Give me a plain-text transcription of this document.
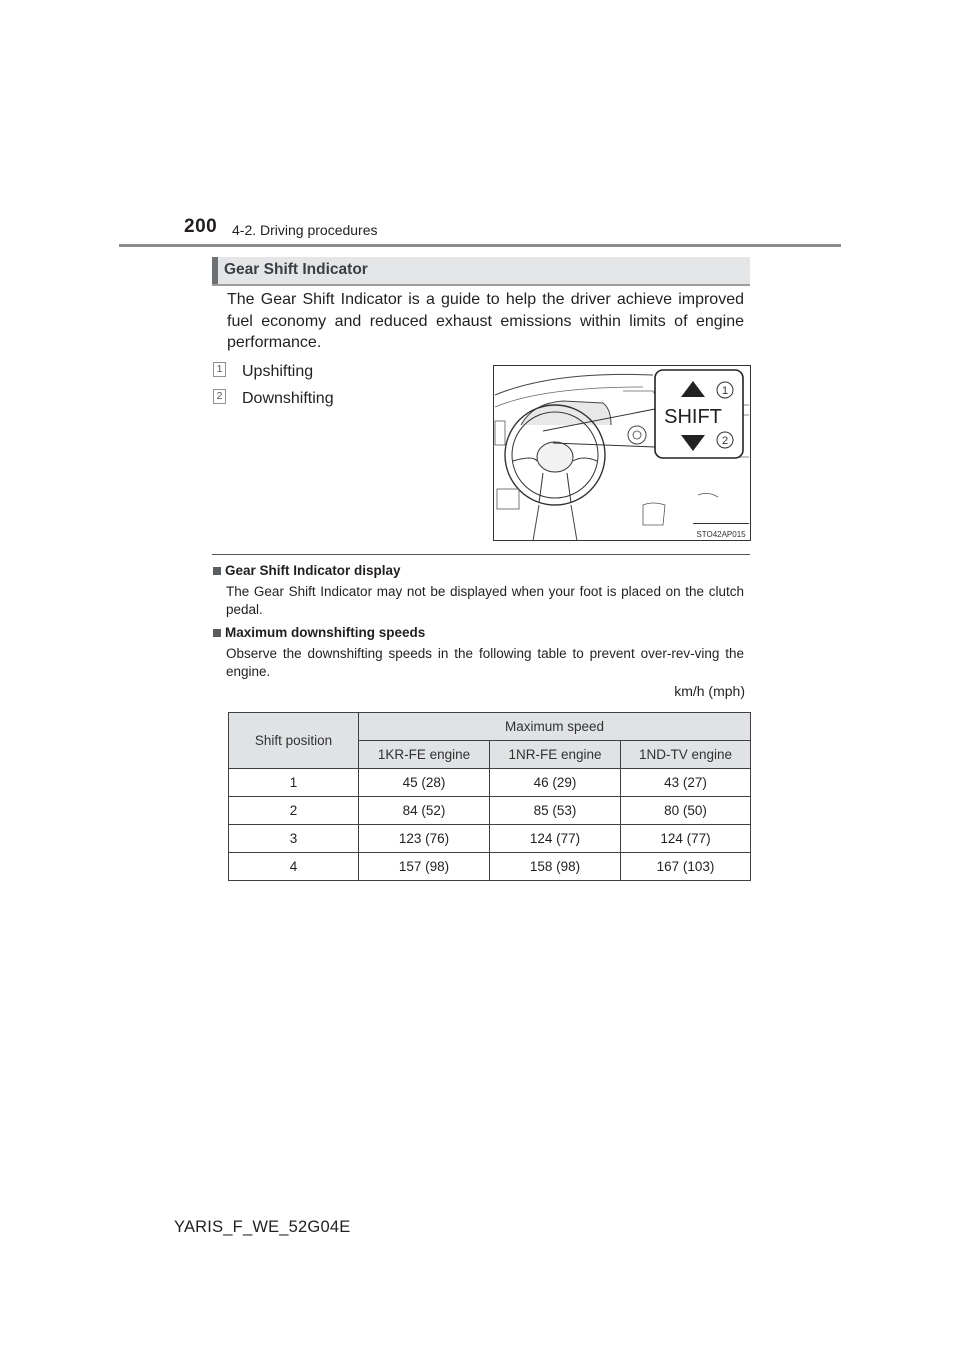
200 4-2. Driving procedures
Gear Shift Indicator
The Gear Shift Indicator is a guide to help the driver achieve improved fuel economy and reduced exhaust emissions within limits of engine performance.
1 Upshifting
2 Downshifting
SHIFT
1
2
STO42AP015
Gear Shift Indicator display
The Gear Shift Indicator may not be displayed when your foot is placed on the clutch pedal.
Maximum downshifting speeds
Observe the downshifting speeds in the following table to prevent over-rev-ving the engine.
km/h (mph)
Shift position	Maximum speed		
	1KR-FE engine	1NR-FE engine	1ND-TV engine
1	45 (28)	46 (29)	43 (27)
2	84 (52)	85 (53)	80 (50)
3	123 (76)	124 (77)	124 (77)
4	157 (98)	158 (98)	167 (103)
YARIS_F_WE_52G04E
